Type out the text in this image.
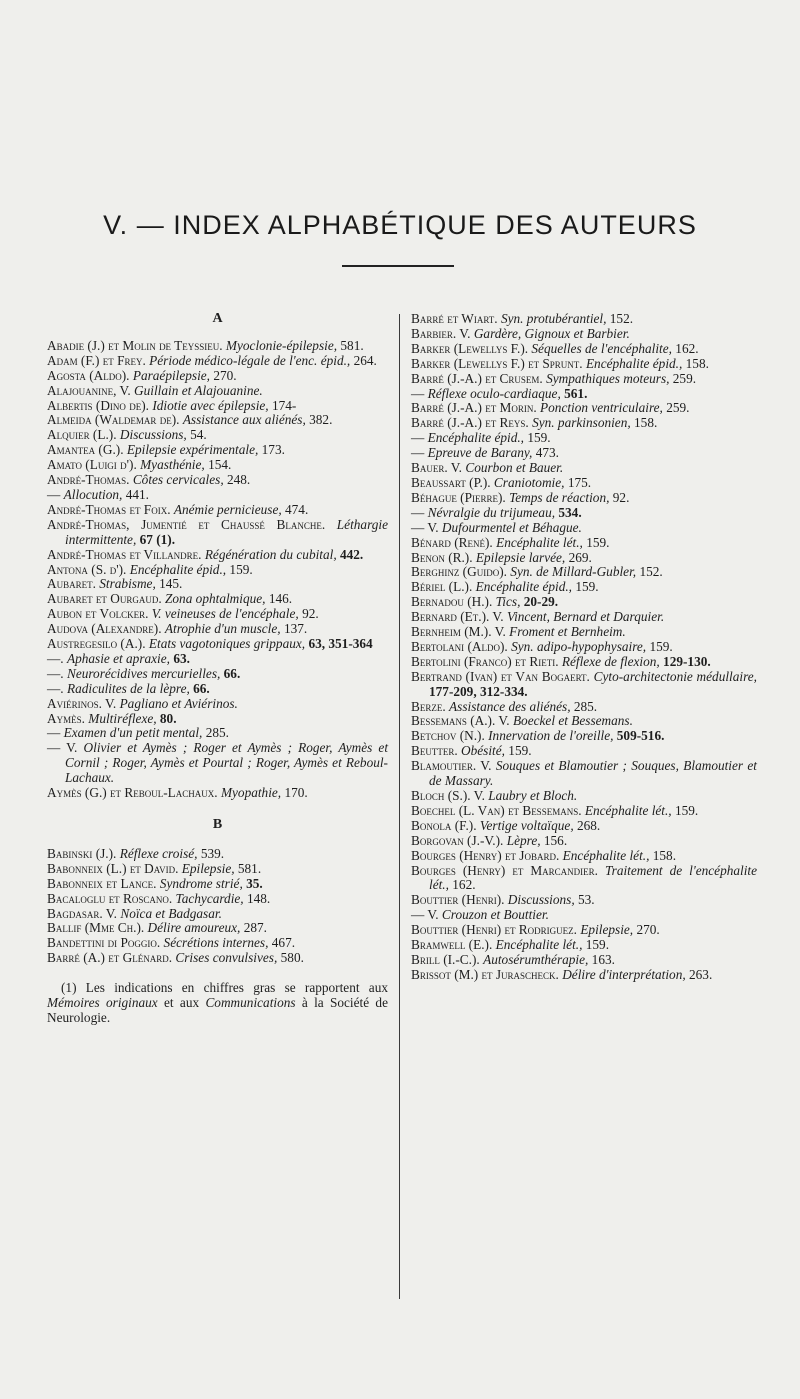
V. — INDEX ALPHABÉTIQUE DES AUTEURS
A

Abadie (J.) et Molin de Teyssieu. Myoclonie-épilepsie, 581.

Adam (F.) et Frey. Période médico-légale de l'enc. épid., 264.

Agosta (Aldo). Paraépilepsie, 270.

Alajouanine, V. Guillain et Alajouanine.

Albertis (Dino de). Idiotie avec épilepsie, 174-

Almeida (Waldemar de). Assistance aux aliénés, 382.

Alquier (L.). Discussions, 54.

Amantea (G.). Epilepsie expérimentale, 173.

Amato (Luigi d'). Myasthénie, 154.

André-Thomas. Côtes cervicales, 248.

— Allocution, 441.

André-Thomas et Foix. Anémie pernicieuse, 474.

André-Thomas, Jumentié et Chaussé Blanche. Léthargie intermittente, 67 (1).

André-Thomas et Villandre. Régénération du cubital, 442.

Antona (S. d'). Encéphalite épid., 159.

Aubaret. Strabisme, 145.

Aubaret et Ourgaud. Zona ophtalmique, 146.

Aubon et Volcker. V. veineuses de l'encéphale, 92.

Audova (Alexandre). Atrophie d'un muscle, 137.

Austregesilo (A.). Etats vagotoniques grippaux, 63, 351-364

—. Aphasie et apraxie, 63.

—. Neurorécidives mercurielles, 66.

—. Radiculites de la lèpre, 66.

Aviérinos. V. Pagliano et Aviérinos.

Aymès. Multiréflexe, 80.

— Examen d'un petit mental, 285.

— V. Olivier et Aymès ; Roger et Aymès ; Roger, Aymès et Cornil ; Roger, Aymès et Pourtal ; Roger, Aymès et Reboul-Lachaux.

Aymès (G.) et Reboul-Lachaux. Myopathie, 170.

B

Babinski (J.). Réflexe croisé, 539.

Babonneix (L.) et David. Epilepsie, 581.

Babonneix et Lance. Syndrome strié, 35.

Bacaloglu et Roscano. Tachycardie, 148.

Bagdasar. V. Noïca et Badgasar.

Ballif (Mme Ch.). Délire amoureux, 287.

Bandettini di Poggio. Sécrétions internes, 467.

Barré (A.) et Glénard. Crises convulsives, 580.

(1) Les indications en chiffres gras se rapportent aux Mémoires originaux et aux Communications à la Société de Neurologie.

Barré et Wiart. Syn. protubérantiel, 152.

Barbier. V. Gardère, Gignoux et Barbier.

Barker (Lewellys F.). Séquelles de l'encéphalite, 162.

Barker (Lewellys F.) et Sprunt. Encéphalite épid., 158.

Barré (J.-A.) et Crusem. Sympathiques moteurs, 259.

— Réflexe oculo-cardiaque, 561.

Barré (J.-A.) et Morin. Ponction ventriculaire, 259.

Barré (J.-A.) et Reys. Syn. parkinsonien, 158.

— Encéphalite épid., 159.

— Epreuve de Barany, 473.

Bauer. V. Courbon et Bauer.

Beaussart (P.). Craniotomie, 175.

Béhague (Pierre). Temps de réaction, 92.

— Névralgie du trijumeau, 534.

— V. Dufourmentel et Béhague.

Bénard (René). Encéphalite lét., 159.

Benon (R.). Epilepsie larvée, 269.

Berghinz (Guido). Syn. de Millard-Gubler, 152.

Bériel (L.). Encéphalite épid., 159.

Bernadou (H.). Tics, 20-29.

Bernard (Et.). V. Vincent, Bernard et Darquier.

Bernheim (M.). V. Froment et Bernheim.

Bertolani (Aldo). Syn. adipo-hypophysaire, 159.

Bertolini (Franco) et Rieti. Réflexe de flexion, 129-130.

Bertrand (Ivan) et Van Bogaert. Cyto-architectonie médullaire, 177-209, 312-334.

Berze. Assistance des aliénés, 285.

Bessemans (A.). V. Boeckel et Bessemans.

Betchov (N.). Innervation de l'oreille, 509-516.

Beutter. Obésité, 159.

Blamoutier. V. Souques et Blamoutier ; Souques, Blamoutier et de Massary.

Bloch (S.). V. Laubry et Bloch.

Boechel (L. Van) et Bessemans. Encéphalite lét., 159.

Bonola (F.). Vertige voltaïque, 268.

Borgovan (J.-V.). Lèpre, 156.

Bourges (Henry) et Jobard. Encéphalite lét., 158.

Bourges (Henry) et Marcandier. Traitement de l'encéphalite lét., 162.

Bouttier (Henri). Discussions, 53.

— V. Crouzon et Bouttier.

Bouttier (Henri) et Rodriguez. Epilepsie, 270.

Bramwell (E.). Encéphalite lét., 159.

Brill (I.-C.). Autosérumthérapie, 163.

Brissot (M.) et Jurascheck. Délire d'interprétation, 263.
